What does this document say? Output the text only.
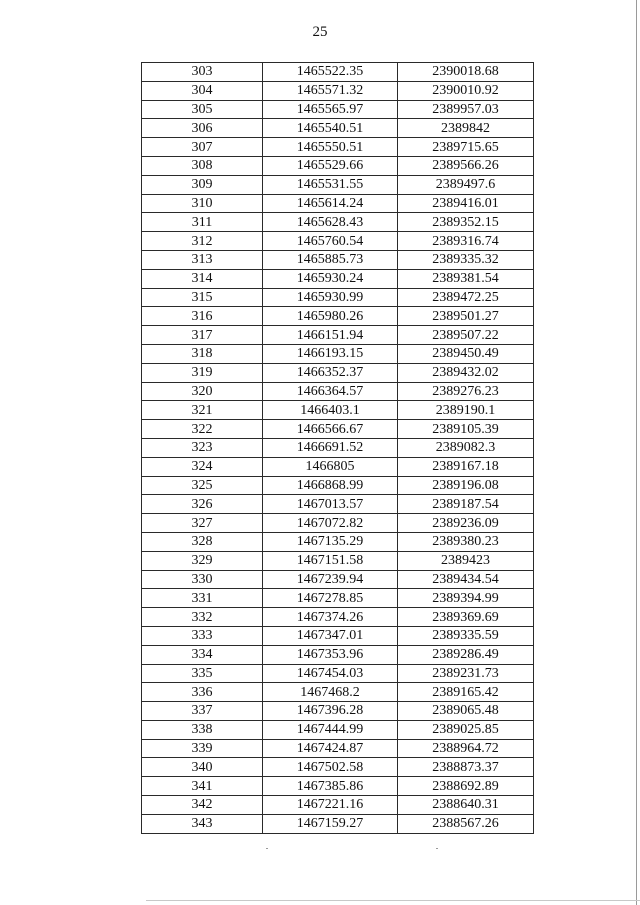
25
303	1465522.35	2390018.68
304	1465571.32	2390010.92
305	1465565.97	2389957.03
306	1465540.51	2389842
307	1465550.51	2389715.65
308	1465529.66	2389566.26
309	1465531.55	2389497.6
310	1465614.24	2389416.01
311	1465628.43	2389352.15
312	1465760.54	2389316.74
313	1465885.73	2389335.32
314	1465930.24	2389381.54
315	1465930.99	2389472.25
316	1465980.26	2389501.27
317	1466151.94	2389507.22
318	1466193.15	2389450.49
319	1466352.37	2389432.02
320	1466364.57	2389276.23
321	1466403.1	2389190.1
322	1466566.67	2389105.39
323	1466691.52	2389082.3
324	1466805	2389167.18
325	1466868.99	2389196.08
326	1467013.57	2389187.54
327	1467072.82	2389236.09
328	1467135.29	2389380.23
329	1467151.58	2389423
330	1467239.94	2389434.54
331	1467278.85	2389394.99
332	1467374.26	2389369.69
333	1467347.01	2389335.59
334	1467353.96	2389286.49
335	1467454.03	2389231.73
336	1467468.2	2389165.42
337	1467396.28	2389065.48
338	1467444.99	2389025.85
339	1467424.87	2388964.72
340	1467502.58	2388873.37
341	1467385.86	2388692.89
342	1467221.16	2388640.31
343	1467159.27	2388567.26
